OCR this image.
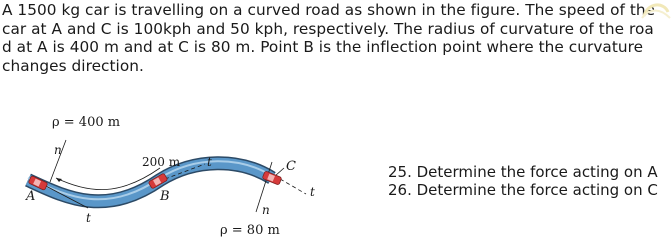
A 1500 kg car is travelling on a curved road as shown in the figure. The speed of the
car at A and C is 100kph and 50 kph, respectively. The radius of curvature of the roa
d at A is 400 m and at C is 80 m. Point B is the inflection point where the curvature
changes direction.
ρ = 400 m
n
A
t
200 m
B
t	C
t
n
ρ = 80 m
25. Determine the force acting on A
26. Determine the force acting on C
